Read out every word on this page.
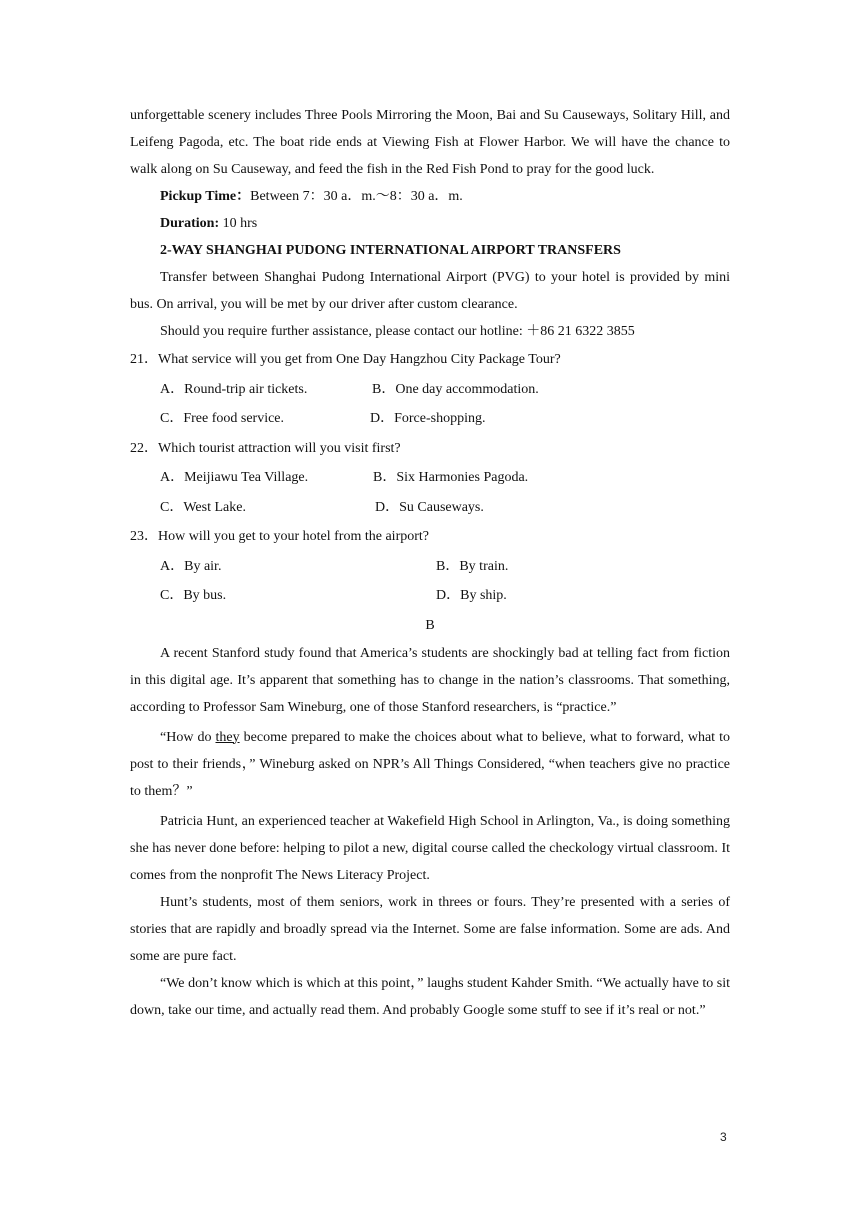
unforgettable scenery includes Three Pools Mirroring the Moon, Bai and Su Causeways, Solitary Hill, and Leifeng Pagoda, etc. The boat ride ends at Viewing Fish at Flower Harbor. We will have the chance to walk along on Su Causeway, and feed the fish in the Red Fish Pond to pray for the good luck.

Pickup Time：Between 7：30 a．m.～8：30 a．m.

Duration: 10 hrs

2-WAY SHANGHAI PUDONG INTERNATIONAL AIRPORT TRANSFERS

Transfer between Shanghai Pudong International Airport (PVG) to your hotel is provided by mini bus. On arrival, you will be met by our driver after custom clearance.

Should you require further assistance, please contact our hotline: ＋86 21 6322 3855

21．What service will you get from One Day Hangzhou City Package Tour?

A．Round-trip air tickets.	B．One day accommodation.
C．Free food service.	D．Force-shopping.

22．Which tourist attraction will you visit first?

A．Meijiawu Tea Village.	B．Six Harmonies Pagoda.
C．West Lake.	D．Su Causeways.

23．How will you get to your hotel from the airport?

A．By air.	B．By train.
C．By bus.	D．By ship.

B

A recent Stanford study found that America’s students are shockingly bad at telling fact from fiction in this digital age. It’s apparent that something has to change in the nation’s classrooms. That something, according to Professor Sam Wineburg, one of those Stanford researchers, is “practice.”

“How do they become prepared to make the choices about what to believe, what to forward, what to post to their friends，” Wineburg asked on NPR’s All Things Considered, “when teachers give no practice to them？”

Patricia Hunt, an experienced teacher at Wakefield High School in Arlington, Va., is doing something she has never done before: helping to pilot a new, digital course called the checkology virtual classroom. It comes from the nonprofit The News Literacy Project.

Hunt’s students, most of them seniors, work in threes or fours. They’re presented with a series of stories that are rapidly and broadly spread via the Internet. Some are false information. Some are ads. And some are pure fact.

“We don’t know which is which at this point，” laughs student Kahder Smith. “We actually have to sit down, take our time, and actually read them. And probably Google some stuff to see if it’s real or not.”

3
